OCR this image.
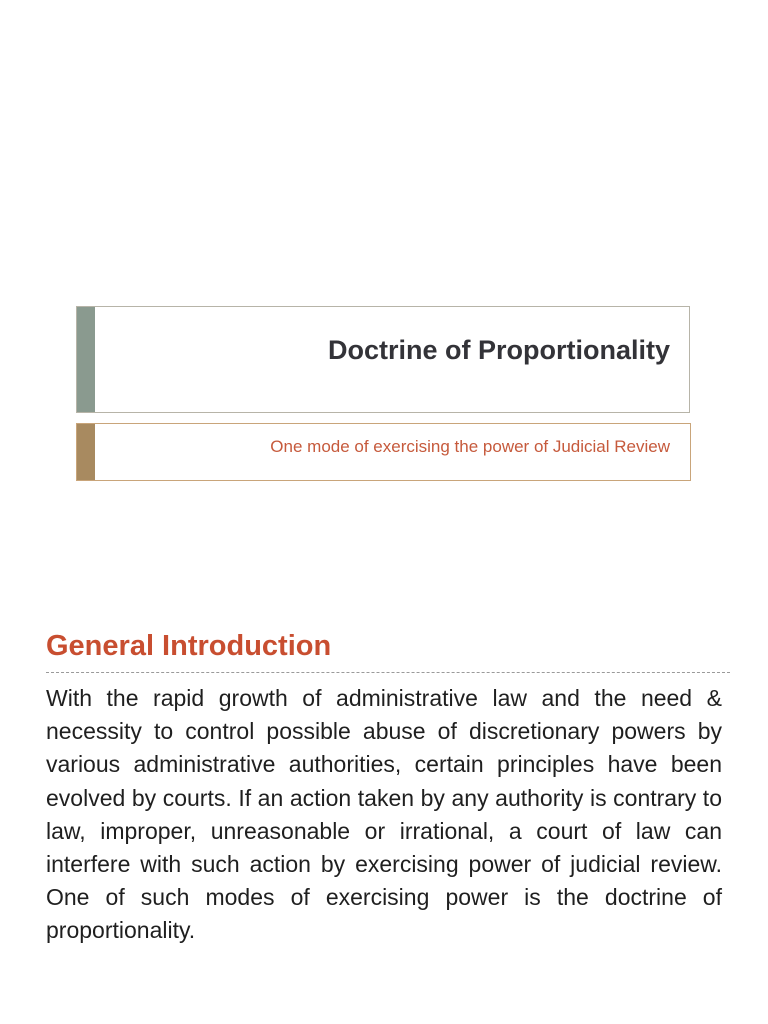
Doctrine of Proportionality
One mode of exercising the power of Judicial Review
General Introduction

With the rapid growth of administrative law and the need & necessity to control possible abuse of discretionary powers by various administrative authorities, certain principles have been evolved by courts. If an action taken by any authority is contrary to law, improper, unreasonable or irrational, a court of law can interfere with such action by exercising power of judicial review. One of such modes of exercising power is the doctrine of proportionality.
